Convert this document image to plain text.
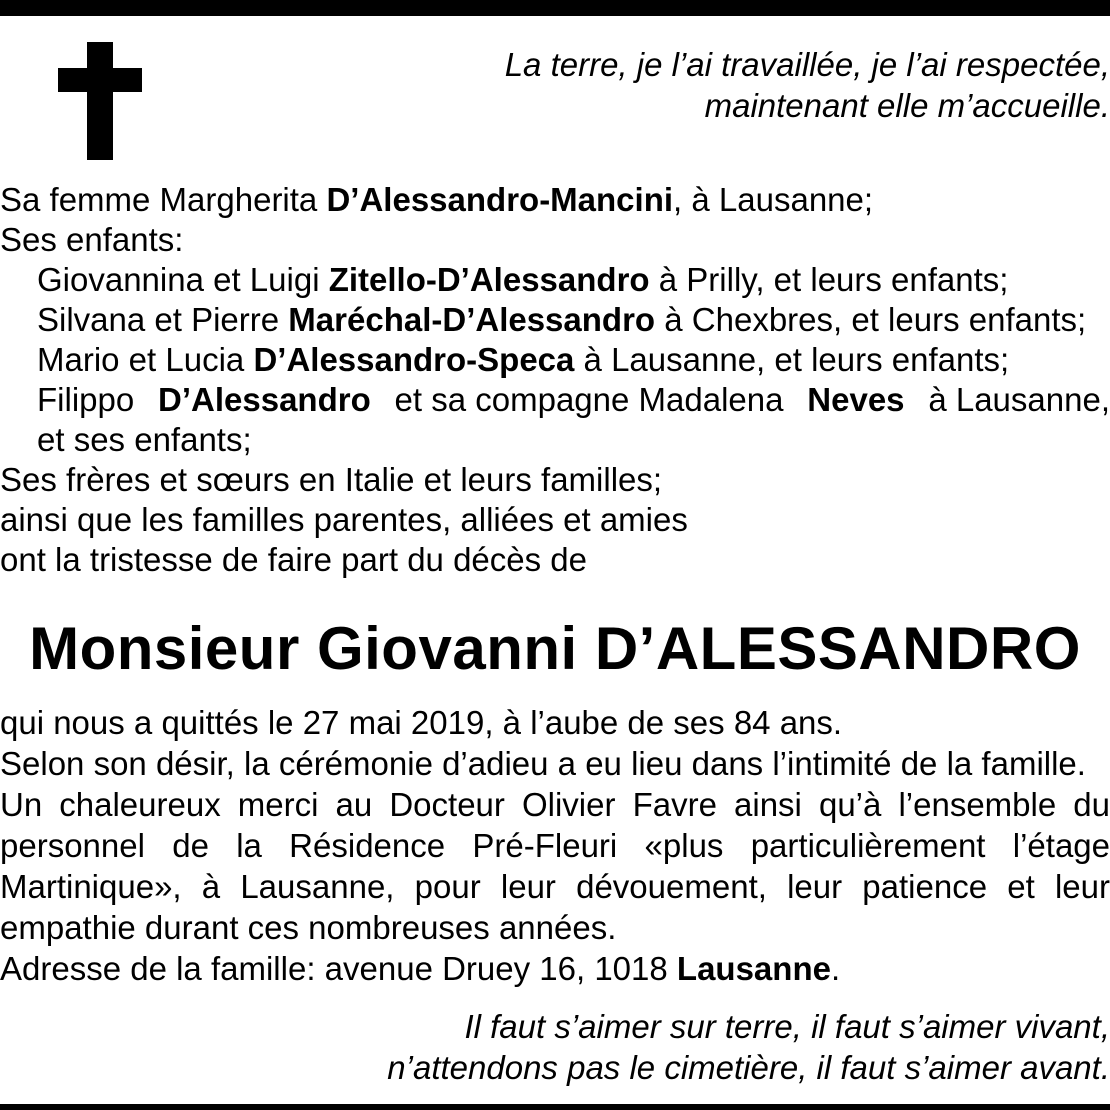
La terre, je l’ai travaillée, je l’ai respectée,
maintenant elle m’accueille.
Sa femme Margherita D’Alessandro-Mancini, à Lausanne;
Ses enfants:
Giovannina et Luigi Zitello-D’Alessandro à Prilly, et leurs enfants;
Silvana et Pierre Maréchal-D’Alessandro à Chexbres, et leurs enfants;
Mario et Lucia D’Alessandro-Speca à Lausanne, et leurs enfants;
Filippo D’Alessandro et sa compagne Madalena Neves à Lausanne,
et ses enfants;
Ses frères et sœurs en Italie et leurs familles;
ainsi que les familles parentes, alliées et amies
ont la tristesse de faire part du décès de
Monsieur Giovanni D’ALESSANDRO
qui nous a quittés le 27 mai 2019, à l’aube de ses 84 ans.
Selon son désir, la cérémonie d’adieu a eu lieu dans l’intimité de la famille.
Un chaleureux merci au Docteur Olivier Favre ainsi qu’à l’ensemble du personnel de la Résidence Pré-Fleuri «plus particulièrement l’étage Martinique», à Lausanne, pour leur dévouement, leur patience et leur empathie durant ces nombreuses années.
Adresse de la famille: avenue Druey 16, 1018 Lausanne.
Il faut s’aimer sur terre, il faut s’aimer vivant,
n’attendons pas le cimetière, il faut s’aimer avant.
